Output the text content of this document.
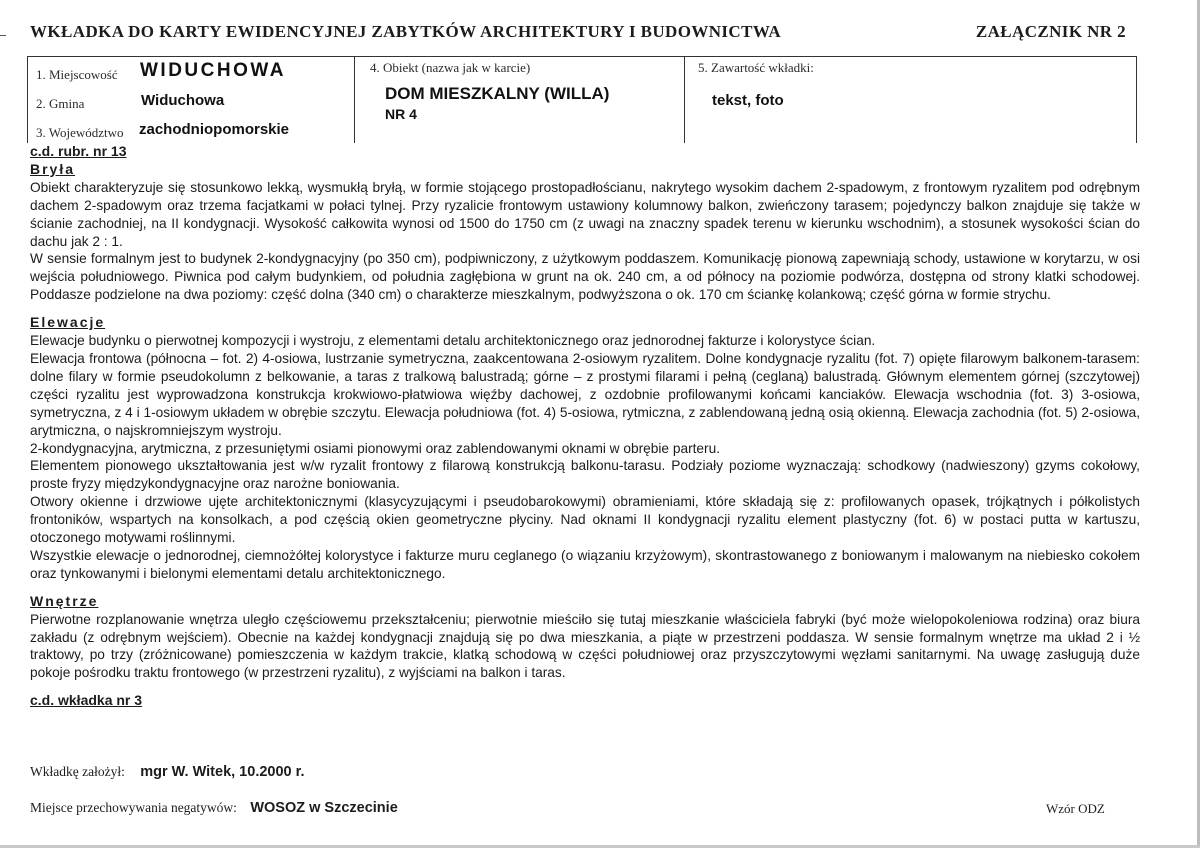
WKŁADKA DO KARTY EWIDENCYJNEJ ZABYTKÓW ARCHITEKTURY I BUDOWNICTWA	ZAŁĄCZNIK NR 2
1. Miejscowość WIDUCHOWA
2. Gmina	Widuchowa
3. Województwo zachodniopomorskie
4. Obiekt (nazwa jak w karcie)
DOM MIESZKALNY (WILLA)
NR 4
5. Zawartość wkładki:
tekst, foto

c.d. rubr. nr 13

Bryła

Obiekt charakteryzuje się stosunkowo lekką, wysmukłą bryłą, w formie stojącego prostopadłościanu, nakrytego wysokim dachem 2-spadowym, z frontowym ryzalitem pod odrębnym dachem 2-spadowym oraz trzema facjatkami w połaci tylnej. Przy ryzalicie frontowym ustawiony kolumnowy balkon, zwieńczony tarasem; pojedynczy balkon znajduje się także w ścianie zachodniej, na II kondygnacji. Wysokość całkowita wynosi od 1500 do 1750 cm (z uwagi na znaczny spadek terenu w kierunku wschodnim), a stosunek wysokości ścian do dachu jak 2 : 1.

W sensie formalnym jest to budynek 2-kondygnacyjny (po 350 cm), podpiwniczony, z użytkowym poddaszem. Komunikację pionową zapewniają schody, ustawione w korytarzu, w osi wejścia południowego. Piwnica pod całym budynkiem, od południa zagłębiona w grunt na ok. 240 cm, a od północy na poziomie podwórza, dostępna od strony klatki schodowej. Poddasze podzielone na dwa poziomy: część dolna (340 cm) o charakterze mieszkalnym, podwyższona o ok. 170 cm ściankę kolankową; część górna w formie strychu.

Elewacje

Elewacje budynku o pierwotnej kompozycji i wystroju, z elementami detalu architektonicznego oraz jednorodnej fakturze i kolorystyce ścian.

Elewacja frontowa (północna – fot. 2) 4-osiowa, lustrzanie symetryczna, zaakcentowana 2-osiowym ryzalitem. Dolne kondygnacje ryzalitu (fot. 7) opięte filarowym balkonem-tarasem: dolne filary w formie pseudokolumn z belkowanie, a taras z tralkową balustradą; górne – z prostymi filarami i pełną (ceglaną) balustradą. Głównym elementem górnej (szczytowej) części ryzalitu jest wyprowadzona konstrukcja krokwiowo-płatwiowa więźby dachowej, z ozdobnie profilowanymi końcami kanciaków. Elewacja wschodnia (fot. 3) 3-osiowa, symetryczna, z 4 i 1-osiowym układem w obrębie szczytu. Elewacja południowa (fot. 4) 5-osiowa, rytmiczna, z zablendowaną jedną osią okienną. Elewacja zachodnia (fot. 5) 2-osiowa, arytmiczna, o najskromniejszym wystroju.

2-kondygnacyjna, arytmiczna, z przesuniętymi osiami pionowymi oraz zablendowanymi oknami w obrębie parteru.

Elementem pionowego ukształtowania jest w/w ryzalit frontowy z filarową konstrukcją balkonu-tarasu. Podziały poziome wyznaczają: schodkowy (nadwieszony) gzyms cokołowy, proste fryzy międzykondygnacyjne oraz narożne boniowania.

Otwory okienne i drzwiowe ujęte architektonicznymi (klasycyzującymi i pseudobarokowymi) obramieniami, które składają się z: profilowanych opasek, trójkątnych i półkolistych frontoników, wspartych na konsolkach, a pod częścią okien geometryczne płyciny. Nad oknami II kondygnacji ryzalitu element plastyczny (fot. 6) w postaci putta w kartuszu, otoczonego motywami roślinnymi.

Wszystkie elewacje o jednorodnej, ciemnożółtej kolorystyce i fakturze muru ceglanego (o wiązaniu krzyżowym), skontrastowanego z boniowanym i malowanym na niebiesko cokołem oraz tynkowanymi i bielonymi elementami detalu architektonicznego.

Wnętrze

Pierwotne rozplanowanie wnętrza uległo częściowemu przekształceniu; pierwotnie mieściło się tutaj mieszkanie właściciela fabryki (być może wielopokoleniowa rodzina) oraz biura zakładu (z odrębnym wejściem). Obecnie na każdej kondygnacji znajdują się po dwa mieszkania, a piąte w przestrzeni poddasza. W sensie formalnym wnętrze ma układ 2 i ½ traktowy, po trzy (zróżnicowane) pomieszczenia w każdym trakcie, klatką schodową w części południowej oraz przyszczytowymi węzłami sanitarnymi. Na uwagę zasługują duże pokoje pośrodku traktu frontowego (w przestrzeni ryzalitu), z wyjściami na balkon i taras.

c.d. wkładka nr 3

Wkładkę założył: mgr W. Witek, 10.2000 r.
Miejsce przechowywania negatywów: WOSOZ w Szczecinie	Wzór ODZ
